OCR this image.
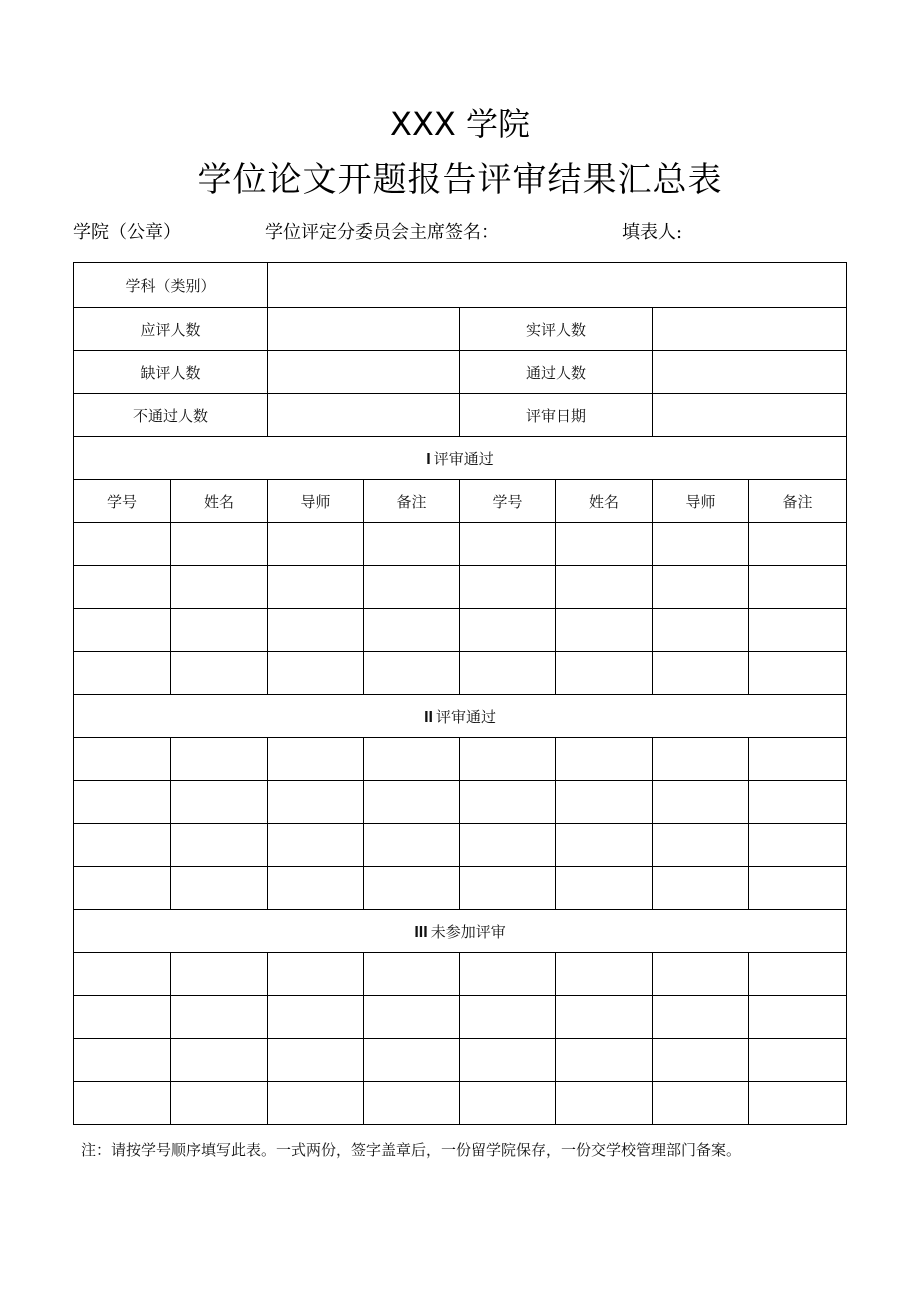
XXX 学院
学位论文开题报告评审结果汇总表
学院（公章）	学位评定分委员会主席签名：	填表人:
学科（类别）							
应评人数				实评人数			
缺评人数				通过人数			
不通过人数				评审日期			
I 评审通过							
学号	姓名	导师	备注	学号	姓名	导师	备注

II 评审通过							

III 未参加评审							

注：请按学号顺序填写此表。一式两份，签字盖章后，一份留学院保存，一份交学校管理部门备案。
